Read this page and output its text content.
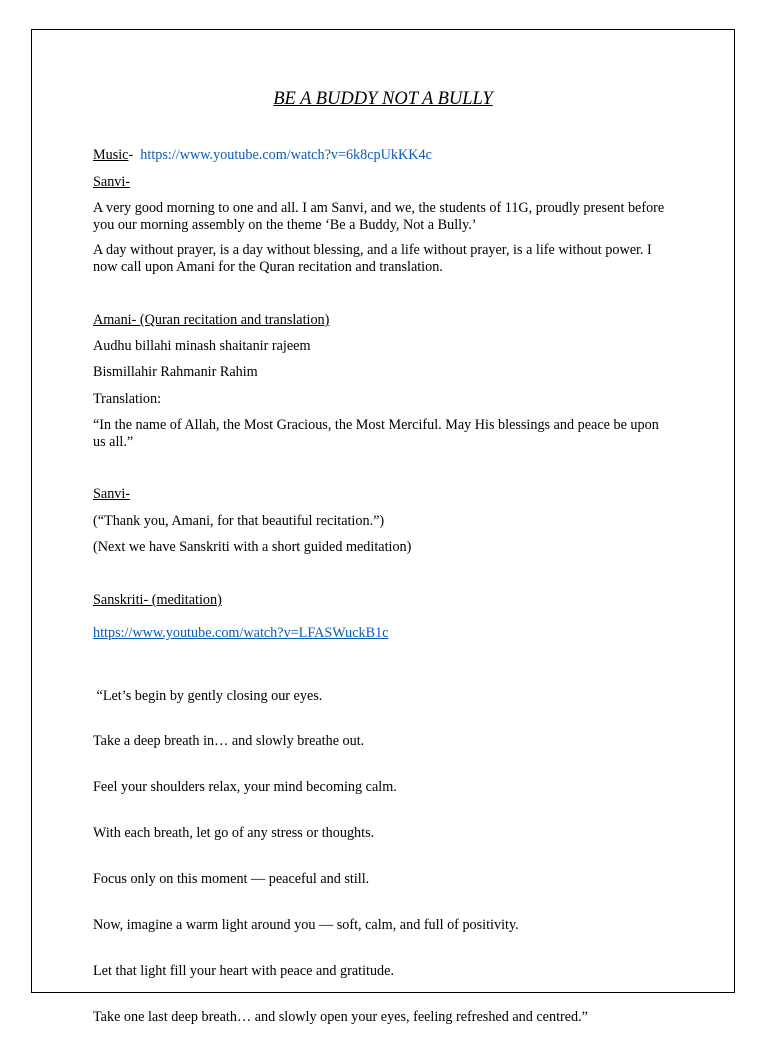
BE A BUDDY NOT A BULLY
Music- https://www.youtube.com/watch?v=6k8cpUkKK4c
Sanvi-
A very good morning to one and all. I am Sanvi, and we, the students of 11G, proudly present before you our morning assembly on the theme ‘Be a Buddy, Not a Bully.’
A day without prayer, is a day without blessing, and a life without prayer, is a life without power. I now call upon Amani for the Quran recitation and translation.
Amani- (Quran recitation and translation)
Audhu billahi minash shaitanir rajeem
Bismillahir Rahmanir Rahim
Translation:
“In the name of Allah, the Most Gracious, the Most Merciful. May His blessings and peace be upon us all.”
Sanvi-
(“Thank you, Amani, for that beautiful recitation.”)
(Next we have Sanskriti with a short guided meditation)
Sanskriti- (meditation)
https://www.youtube.com/watch?v=LFASWuckB1c

“Let’s begin by gently closing our eyes.

Take a deep breath in… and slowly breathe out.

Feel your shoulders relax, your mind becoming calm.

With each breath, let go of any stress or thoughts.

Focus only on this moment — peaceful and still.

Now, imagine a warm light around you — soft, calm, and full of positivity.

Let that light fill your heart with peace and gratitude.

Take one last deep breath… and slowly open your eyes, feeling refreshed and centred.”
